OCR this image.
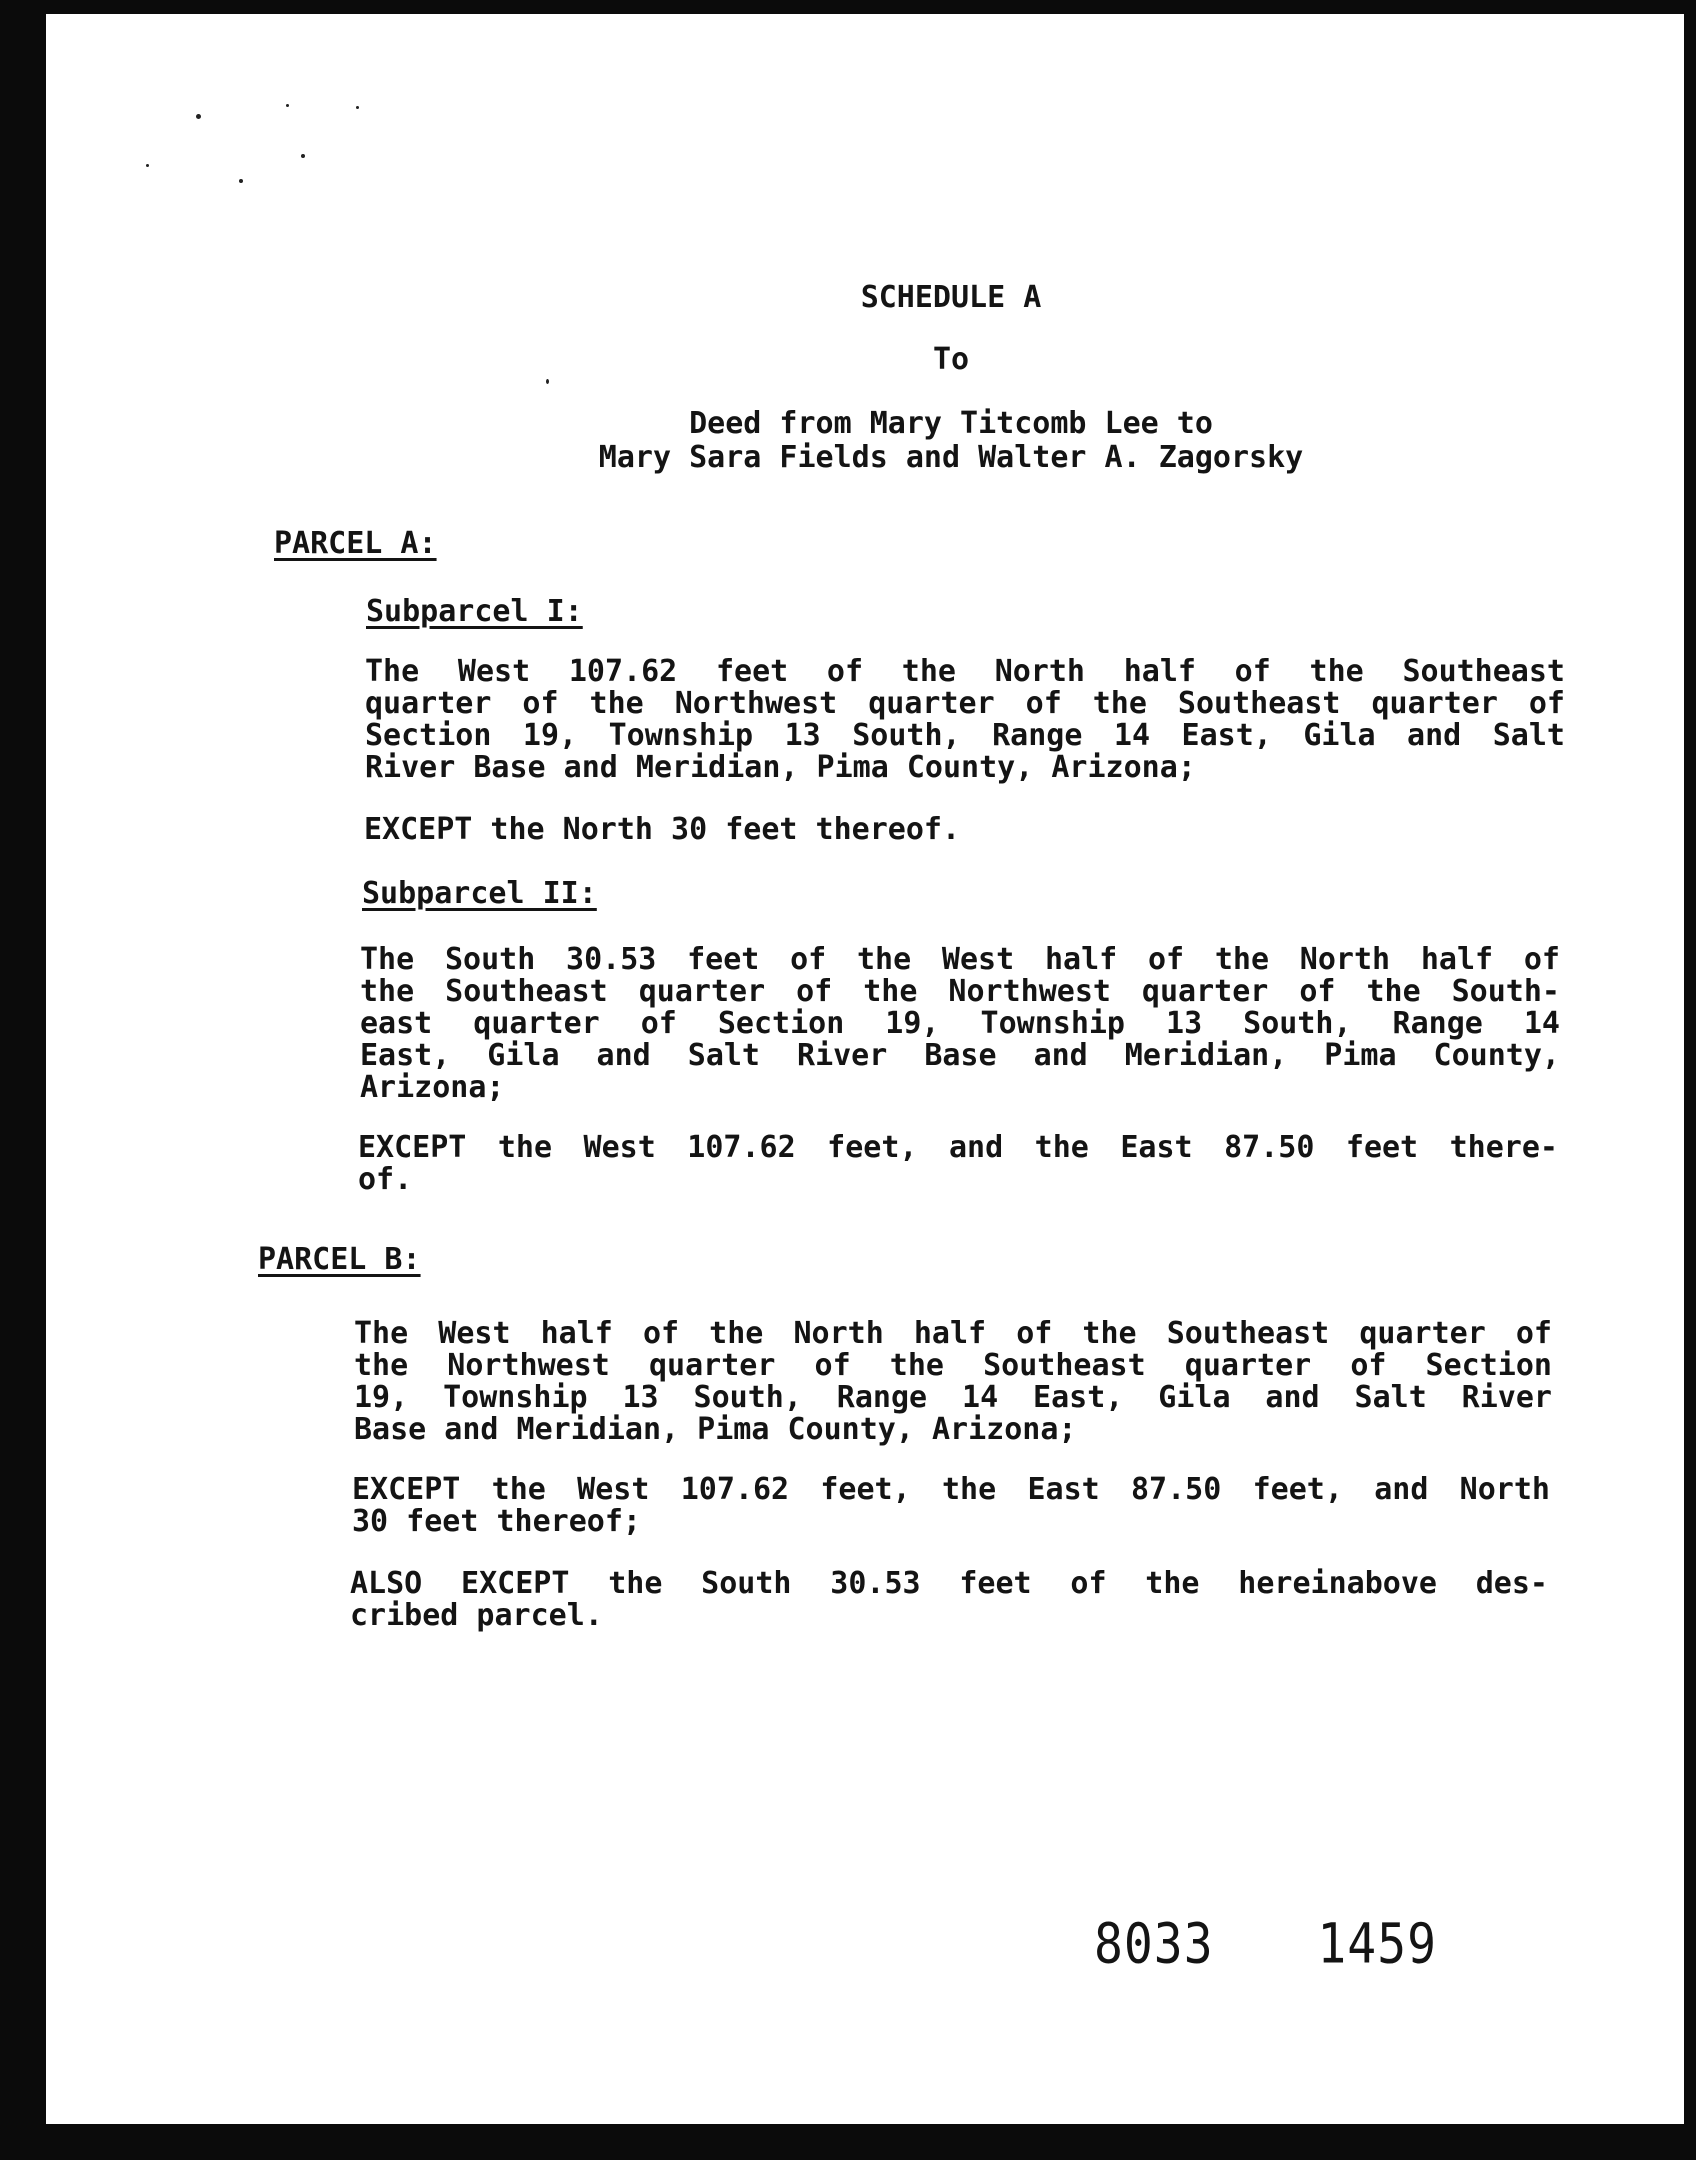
SCHEDULE A
To
Deed from Mary Titcomb Lee to
Mary Sara Fields and Walter A. Zagorsky
PARCEL A:
Subparcel I:
The West 107.62 feet of the North half of the Southeast
quarter of the Northwest quarter of the Southeast quarter of
Section 19, Township 13 South, Range 14 East, Gila and Salt
River Base and Meridian, Pima County, Arizona;
EXCEPT the North 30 feet thereof.
Subparcel II:
The South 30.53 feet of the West half of the North half of
the Southeast quarter of the Northwest quarter of the South-
east quarter of Section 19, Township 13 South, Range 14
East, Gila and Salt River Base and Meridian, Pima County,
Arizona;
EXCEPT the West 107.62 feet, and the East 87.50 feet there-
of.
PARCEL B:
The West half of the North half of the Southeast quarter of
the Northwest quarter of the Southeast quarter of Section
19, Township 13 South, Range 14 East, Gila and Salt River
Base and Meridian, Pima County, Arizona;
EXCEPT the West 107.62 feet, the East 87.50 feet, and North
30 feet thereof;
ALSO EXCEPT the South 30.53 feet of the hereinabove des-
cribed parcel.
8033 1459
